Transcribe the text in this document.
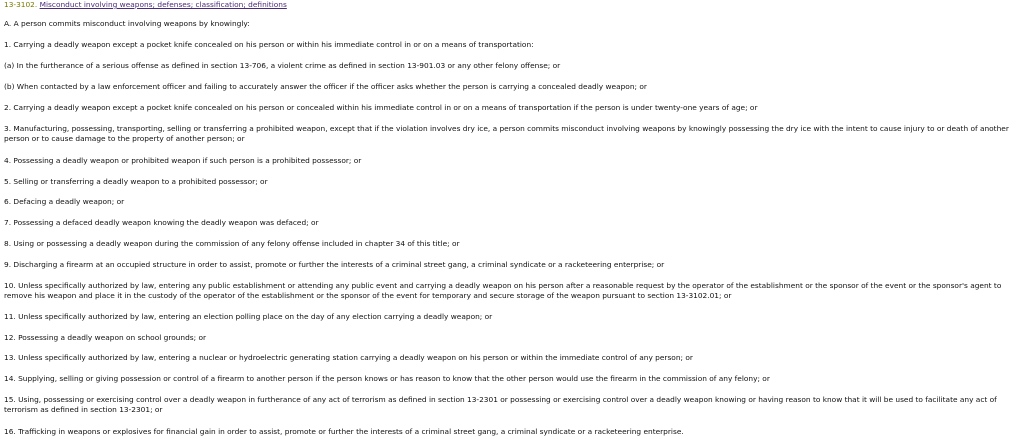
13-3102. Misconduct involving weapons; defenses; classification; definitions
A. A person commits misconduct involving weapons by knowingly:
1. Carrying a deadly weapon except a pocket knife concealed on his person or within his immediate control in or on a means of transportation:
(a) In the furtherance of a serious offense as defined in section 13-706, a violent crime as defined in section 13-901.03 or any other felony offense; or
(b) When contacted by a law enforcement officer and failing to accurately answer the officer if the officer asks whether the person is carrying a concealed deadly weapon; or
2. Carrying a deadly weapon except a pocket knife concealed on his person or concealed within his immediate control in or on a means of transportation if the person is under twenty-one years of age; or
3. Manufacturing, possessing, transporting, selling or transferring a prohibited weapon, except that if the violation involves dry ice, a person commits misconduct involving weapons by knowingly possessing the dry ice with the intent to cause injury to or death of another person or to cause damage to the property of another person; or
4. Possessing a deadly weapon or prohibited weapon if such person is a prohibited possessor; or
5. Selling or transferring a deadly weapon to a prohibited possessor; or
6. Defacing a deadly weapon; or
7. Possessing a defaced deadly weapon knowing the deadly weapon was defaced; or
8. Using or possessing a deadly weapon during the commission of any felony offense included in chapter 34 of this title; or
9. Discharging a firearm at an occupied structure in order to assist, promote or further the interests of a criminal street gang, a criminal syndicate or a racketeering enterprise; or
10. Unless specifically authorized by law, entering any public establishment or attending any public event and carrying a deadly weapon on his person after a reasonable request by the operator of the establishment or the sponsor of the event or the sponsor's agent to remove his weapon and place it in the custody of the operator of the establishment or the sponsor of the event for temporary and secure storage of the weapon pursuant to section 13-3102.01; or
11. Unless specifically authorized by law, entering an election polling place on the day of any election carrying a deadly weapon; or
12. Possessing a deadly weapon on school grounds; or
13. Unless specifically authorized by law, entering a nuclear or hydroelectric generating station carrying a deadly weapon on his person or within the immediate control of any person; or
14. Supplying, selling or giving possession or control of a firearm to another person if the person knows or has reason to know that the other person would use the firearm in the commission of any felony; or
15. Using, possessing or exercising control over a deadly weapon in furtherance of any act of terrorism as defined in section 13-2301 or possessing or exercising control over a deadly weapon knowing or having reason to know that it will be used to facilitate any act of terrorism as defined in section 13-2301; or
16. Trafficking in weapons or explosives for financial gain in order to assist, promote or further the interests of a criminal street gang, a criminal syndicate or a racketeering enterprise.
